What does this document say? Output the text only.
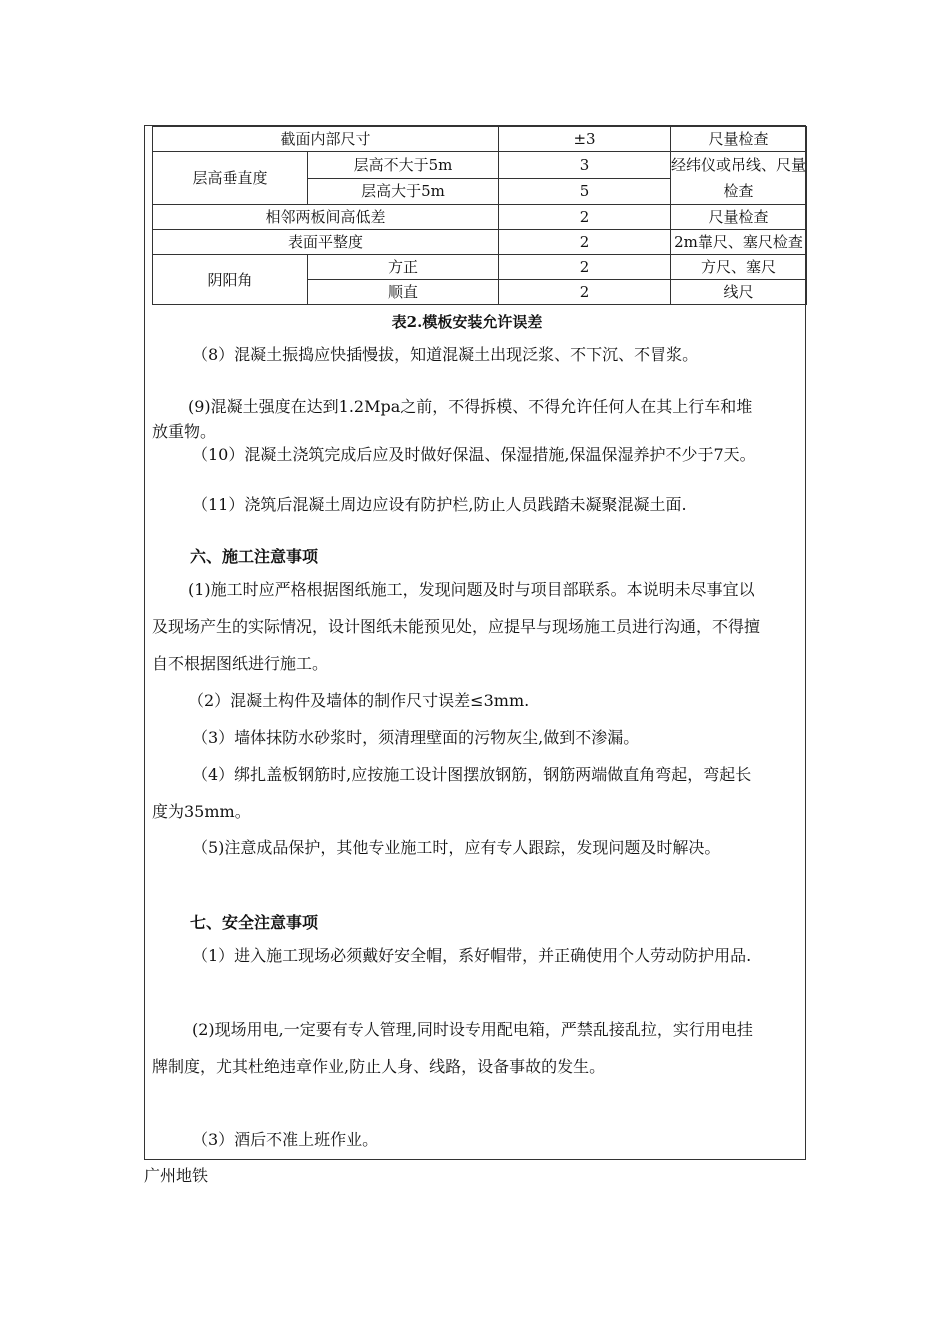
截面内部尺寸		±3	尺量检查
层高垂直度	层高不大于5m	3	经纬仪或吊线、尺量检查
	层高大于5m	5	
相邻两板间高低差		2	尺量检查
表面平整度		2	2m靠尺、塞尺检查
阴阳角	方正	2	方尺、塞尺
	顺直	2	线尺
表2.模板安装允许误差
（8）混凝土振捣应快插慢拔，知道混凝土出现泛浆、不下沉、不冒浆。
(9)混凝土强度在达到1.2Mpa之前，不得拆模、不得允许任何人在其上行车和堆放重物。
（10）混凝土浇筑完成后应及时做好保温、保湿措施,保温保湿养护不少于7天。
（11）浇筑后混凝土周边应设有防护栏,防止人员践踏未凝聚混凝土面.
六、施工注意事项
(1)施工时应严格根据图纸施工，发现问题及时与项目部联系。本说明未尽事宜以及现场产生的实际情况，设计图纸未能预见处，应提早与现场施工员进行沟通，不得擅自不根据图纸进行施工。
（2）混凝土构件及墙体的制作尺寸误差≤3mm.
（3）墙体抹防水砂浆时，须清理壁面的污物灰尘,做到不渗漏。
（4）绑扎盖板钢筋时,应按施工设计图摆放钢筋，钢筋两端做直角弯起，弯起长度为35mm。
（5)注意成品保护，其他专业施工时，应有专人跟踪，发现问题及时解决。
七、安全注意事项
（1）进入施工现场必须戴好安全帽，系好帽带，并正确使用个人劳动防护用品.
(2)现场用电,一定要有专人管理,同时设专用配电箱，严禁乱接乱拉，实行用电挂牌制度，尤其杜绝违章作业,防止人身、线路，设备事故的发生。
（3）酒后不准上班作业。
广州地铁
